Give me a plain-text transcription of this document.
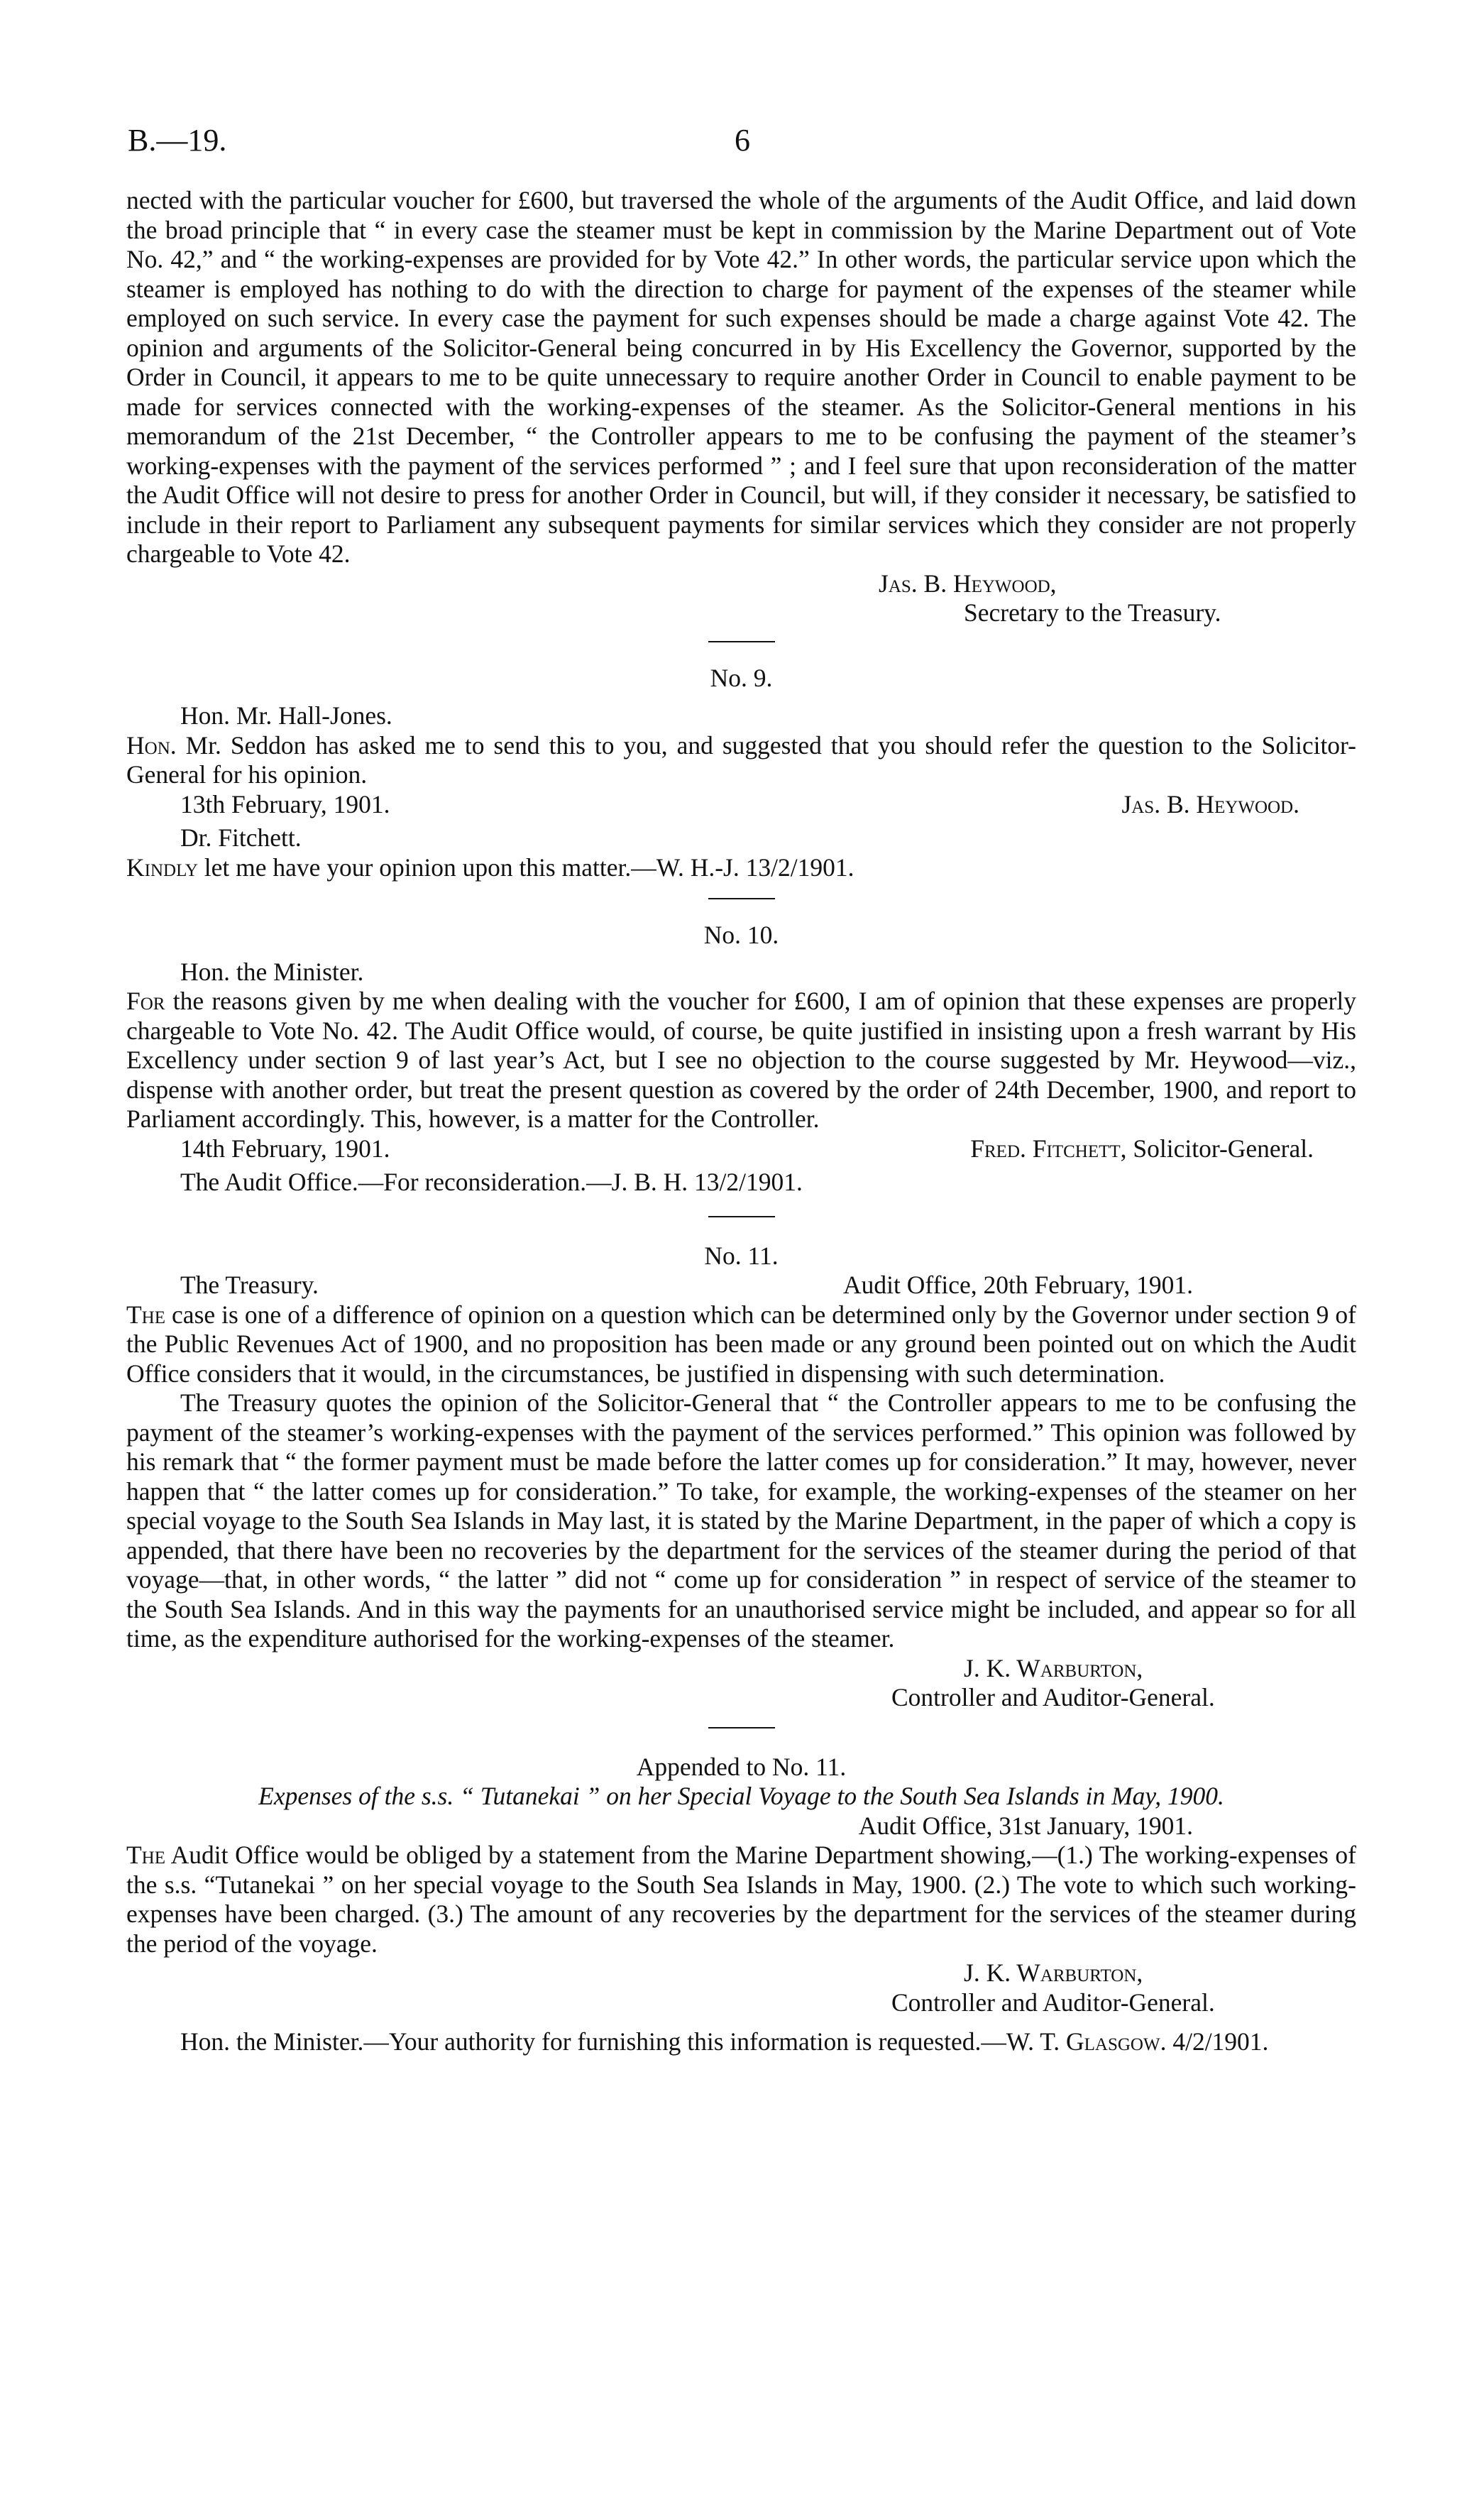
B.—19.	6

nected with the particular voucher for £600, but traversed the whole of the arguments of the Audit Office, and laid down the broad principle that “ in every case the steamer must be kept in commission by the Marine Department out of Vote No. 42,” and “ the working-expenses are provided for by Vote 42.” In other words, the particular service upon which the steamer is employed has nothing to do with the direction to charge for payment of the expenses of the steamer while employed on such service. In every case the payment for such expenses should be made a charge against Vote 42. The opinion and arguments of the Solicitor-General being concurred in by His Excellency the Governor, supported by the Order in Council, it appears to me to be quite unnecessary to require another Order in Council to enable payment to be made for services connected with the working-expenses of the steamer. As the Solicitor-General mentions in his memorandum of the 21st December, “ the Controller appears to me to be confusing the payment of the steamer’s working-expenses with the payment of the services performed ” ; and I feel sure that upon reconsideration of the matter the Audit Office will not desire to press for another Order in Council, but will, if they consider it necessary, be satisfied to include in their report to Parliament any subsequent payments for similar services which they consider are not properly chargeable to Vote 42.

Jas. B. Heywood,

Secretary to the Treasury.

No. 9.

Hon. Mr. Hall-Jones.

Hon. Mr. Seddon has asked me to send this to you, and suggested that you should refer the question to the Solicitor-General for his opinion.

13th February, 1901.	Jas. B. Heywood.

Dr. Fitchett.

Kindly let me have your opinion upon this matter.—W. H.-J. 13/2/1901.

No. 10.

Hon. the Minister.

For the reasons given by me when dealing with the voucher for £600, I am of opinion that these expenses are properly chargeable to Vote No. 42. The Audit Office would, of course, be quite justified in insisting upon a fresh warrant by His Excellency under section 9 of last year’s Act, but I see no objection to the course suggested by Mr. Heywood—viz., dispense with another order, but treat the present question as covered by the order of 24th December, 1900, and report to Parliament accordingly. This, however, is a matter for the Controller.

14th February, 1901.	Fred. Fitchett, Solicitor-General.

The Audit Office.—For reconsideration.—J. B. H. 13/2/1901.

No. 11.

The Treasury.	Audit Office, 20th February, 1901.

The case is one of a difference of opinion on a question which can be determined only by the Governor under section 9 of the Public Revenues Act of 1900, and no proposition has been made or any ground been pointed out on which the Audit Office considers that it would, in the circumstances, be justified in dispensing with such determination.

The Treasury quotes the opinion of the Solicitor-General that “ the Controller appears to me to be confusing the payment of the steamer’s working-expenses with the payment of the services performed.” This opinion was followed by his remark that “ the former payment must be made before the latter comes up for consideration.” It may, however, never happen that “ the latter comes up for consideration.” To take, for example, the working-expenses of the steamer on her special voyage to the South Sea Islands in May last, it is stated by the Marine Department, in the paper of which a copy is appended, that there have been no recoveries by the department for the services of the steamer during the period of that voyage—that, in other words, “ the latter ” did not “ come up for consideration ” in respect of service of the steamer to the South Sea Islands. And in this way the payments for an unauthorised service might be included, and appear so for all time, as the expenditure authorised for the working-expenses of the steamer.

J. K. Warburton,

Controller and Auditor-General.

Appended to No. 11.

Expenses of the s.s. “ Tutanekai ” on her Special Voyage to the South Sea Islands in May, 1900.

Audit Office, 31st January, 1901.

The Audit Office would be obliged by a statement from the Marine Department showing,—(1.) The working-expenses of the s.s. “Tutanekai ” on her special voyage to the South Sea Islands in May, 1900. (2.) The vote to which such working-expenses have been charged. (3.) The amount of any recoveries by the department for the services of the steamer during the period of the voyage.

J. K. Warburton,

Controller and Auditor-General.

Hon. the Minister.—Your authority for furnishing this information is requested.—W. T. Glasgow. 4/2/1901.
